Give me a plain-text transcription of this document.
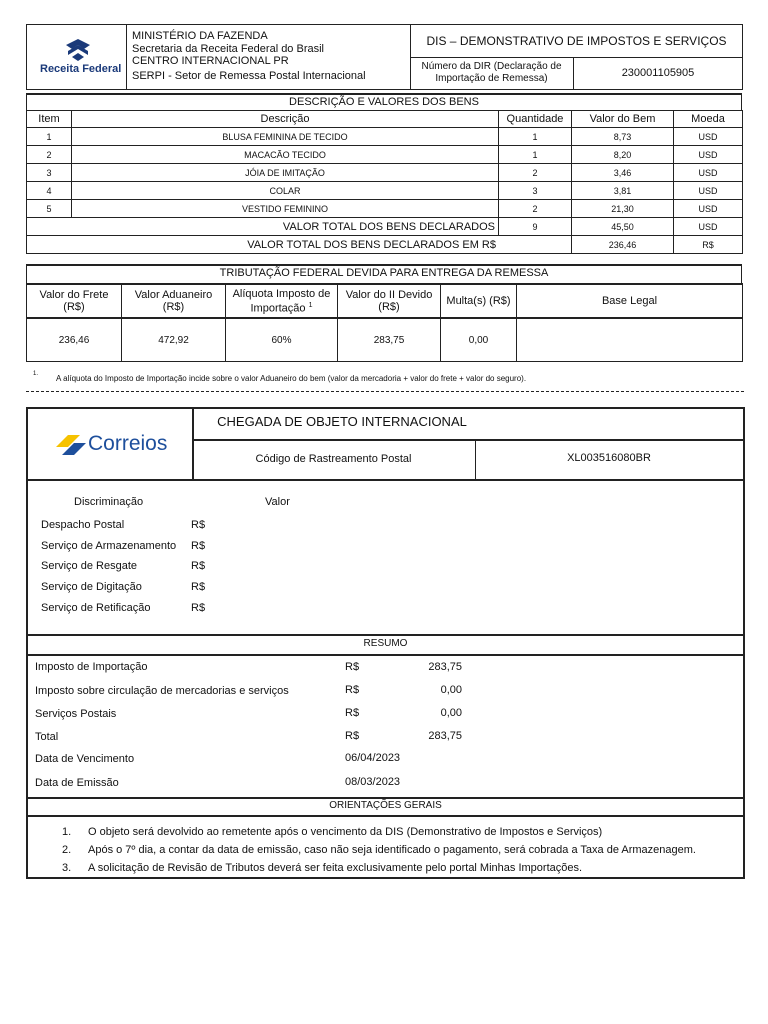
Receita Federal
MINISTÉRIO DA FAZENDA
Secretaria da Receita Federal do Brasil
CENTRO INTERNACIONAL PR
SERPI - Setor de Remessa Postal Internacional
DIS – DEMONSTRATIVO DE IMPOSTOS E SERVIÇOS
Número da DIR (Declaração de
Importação de Remessa)	230001105905
DESCRIÇÃO E VALORES DOS BENS
Item	Descrição	Quantidade	Valor do Bem	Moeda
1	BLUSA FEMININA DE TECIDO	1	8,73	USD
2	MACACÃO TECIDO	1	8,20	USD
3	JÓIA DE IMITAÇÃO	2	3,46	USD
4	COLAR	3	3,81	USD
5	VESTIDO FEMININO	2	21,30	USD
VALOR TOTAL DOS BENS DECLARADOS		9	45,50	USD
VALOR TOTAL DOS BENS DECLARADOS EM R$			236,46	R$
TRIBUTAÇÃO FEDERAL DEVIDA PARA ENTREGA DA REMESSA
Valor do Frete (R$)	Valor Aduaneiro (R$)	Alíquota Imposto de Importação $^1$	Valor do II Devido (R$)	Multa(s) (R$)	Base Legal
236,46	472,92	60%	283,75	0,00	
1. A alíquota do Imposto de Importação incide sobre o valor Aduaneiro do bem (valor da mercadoria + valor do frete + valor do seguro).
Correios
CHEGADA DE OBJETO INTERNACIONAL
Código de Rastreamento Postal	XL003516080BR
Discriminação	Valor
Despacho Postal	R$
Serviço de Armazenamento R$
Serviço de Resgate	R$
Serviço de Digitação	R$
Serviço de Retificação	R$
RESUMO
Imposto de Importação	R$	283,75
Imposto sobre circulação de mercadorias e serviços	R$	0,00
Serviços Postais	R$	0,00
Total	R$	283,75
Data de Vencimento	06/04/2023
Data de Emissão	08/03/2023
ORIENTAÇÕES GERAIS
1. O objeto será devolvido ao remetente após o vencimento da DIS (Demonstrativo de Impostos e Serviços)
2. Após o 7º dia, a contar da data de emissão, caso não seja identificado o pagamento, será cobrada a Taxa de Armazenagem.
3. A solicitação de Revisão de Tributos deverá ser feita exclusivamente pelo portal Minhas Importações.
